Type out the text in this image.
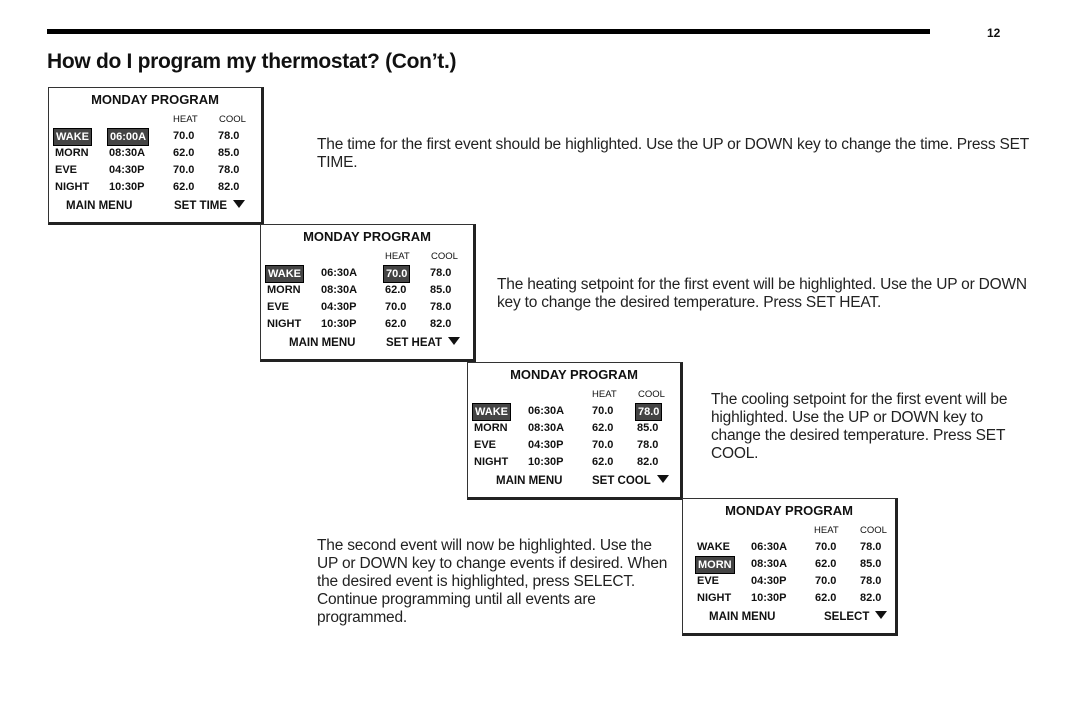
12
How do I program my thermostat? (Con’t.)
MONDAY PROGRAM
HEAT COOL
WAKE 06:00A 70.0 78.0
MORN 08:30A	62.0 85.0
EVE	04:30P	70.0 78.0
NIGHT 10:30P	62.0 82.0
MAIN MENU	SET TIME
MONDAY PROGRAM
HEAT COOL
WAKE 06:30A	70.0 78.0
MORN 08:30A	62.0 85.0
EVE	04:30P	70.0 78.0
NIGHT 10:30P	62.0 82.0
MAIN MENU	SET HEAT
MONDAY PROGRAM
HEAT COOL
WAKE 06:30A	70.0 78.0
MORN 08:30A	62.0 85.0
EVE	04:30P	70.0 78.0
NIGHT 10:30P	62.0 82.0
MAIN MENU	SET COOL
MONDAY PROGRAM
HEAT COOL
WAKE 06:30A	70.0 78.0
MORN 08:30A	62.0 85.0
EVE	04:30P	70.0 78.0
NIGHT 10:30P	62.0 82.0
MAIN MENU	SELECT
The time for the first event should be highlighted. Use the UP or DOWN key to change the time. Press SET TIME.
The heating setpoint for the first event will be highlighted. Use the UP or DOWN key to change the desired temperature. Press SET HEAT.
The cooling setpoint for the first event will be highlighted. Use the UP or DOWN key to change the desired temperature. Press SET COOL.
The second event will now be highlighted. Use the UP or DOWN key to change events if desired. When the desired event is highlighted, press SELECT. Continue programming until all events are programmed.
